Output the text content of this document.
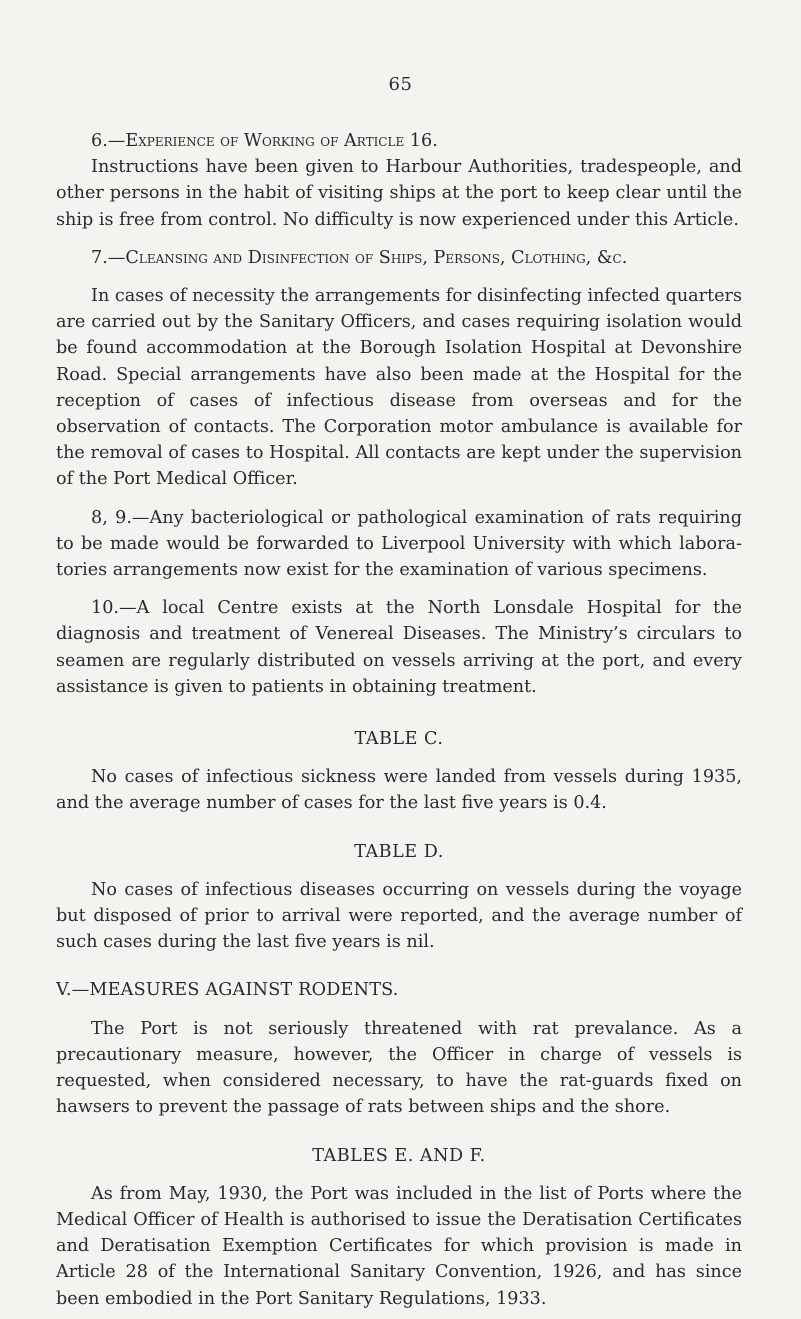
65
6.—Experience of Working of Article 16.

Instructions have been given to Harbour Authorities, tradespeople, and other persons in the habit of visiting ships at the port to keep clear until the ship is free from control. No difficulty is now experienced under this Article.

7.—Cleansing and Disinfection of Ships, Persons, Clothing, &c.

In cases of necessity the arrangements for disinfecting infected quarters are carried out by the Sanitary Officers, and cases requiring isolation would be found accommodation at the Borough Isolation Hospital at Devonshire Road. Special arrangements have also been made at the Hospital for the reception of cases of infectious disease from overseas and for the observation of contacts. The Corporation motor ambulance is available for the removal of cases to Hospital. All contacts are kept under the supervision of the Port Medical Officer.

8, 9.—Any bacteriological or pathological examination of rats requiring to be made would be forwarded to Liverpool University with which laboratories arrangements now exist for the examination of various specimens.

10.—A local Centre exists at the North Lonsdale Hospital for the diagnosis and treatment of Venereal Diseases. The Ministry’s circulars to seamen are regularly distributed on vessels arriving at the port, and every assistance is given to patients in obtaining treatment.

TABLE C.

No cases of infectious sickness were landed from vessels during 1935, and the average number of cases for the last five years is 0.4.

TABLE D.

No cases of infectious diseases occurring on vessels during the voyage but disposed of prior to arrival were reported, and the average number of such cases during the last five years is nil.

V.—MEASURES AGAINST RODENTS.

The Port is not seriously threatened with rat prevalance. As a precautionary measure, however, the Officer in charge of vessels is requested, when considered necessary, to have the rat-guards fixed on hawsers to prevent the passage of rats between ships and the shore.

TABLES E. AND F.

As from May, 1930, the Port was included in the list of Ports where the Medical Officer of Health is authorised to issue the Deratisation Certificates and Deratisation Exemption Certificates for which provision is made in Article 28 of the International Sanitary Convention, 1926, and has since been embodied in the Port Sanitary Regulations, 1933.
